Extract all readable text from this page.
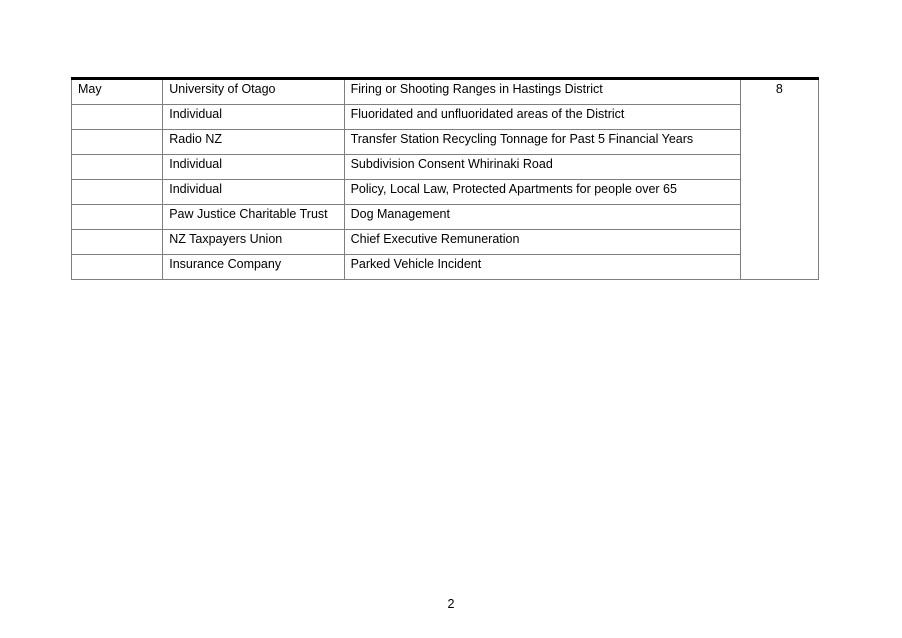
May	University of Otago	Firing or Shooting Ranges in Hastings District	8
	Individual	Fluoridated and unfluoridated areas of the District	
	Radio NZ	Transfer Station Recycling Tonnage for Past 5 Financial Years	
	Individual	Subdivision Consent Whirinaki Road	
	Individual	Policy, Local Law, Protected Apartments for people over 65	
	Paw Justice Charitable Trust	Dog Management	
	NZ Taxpayers Union	Chief Executive Remuneration	
	Insurance Company	Parked Vehicle Incident	
2
